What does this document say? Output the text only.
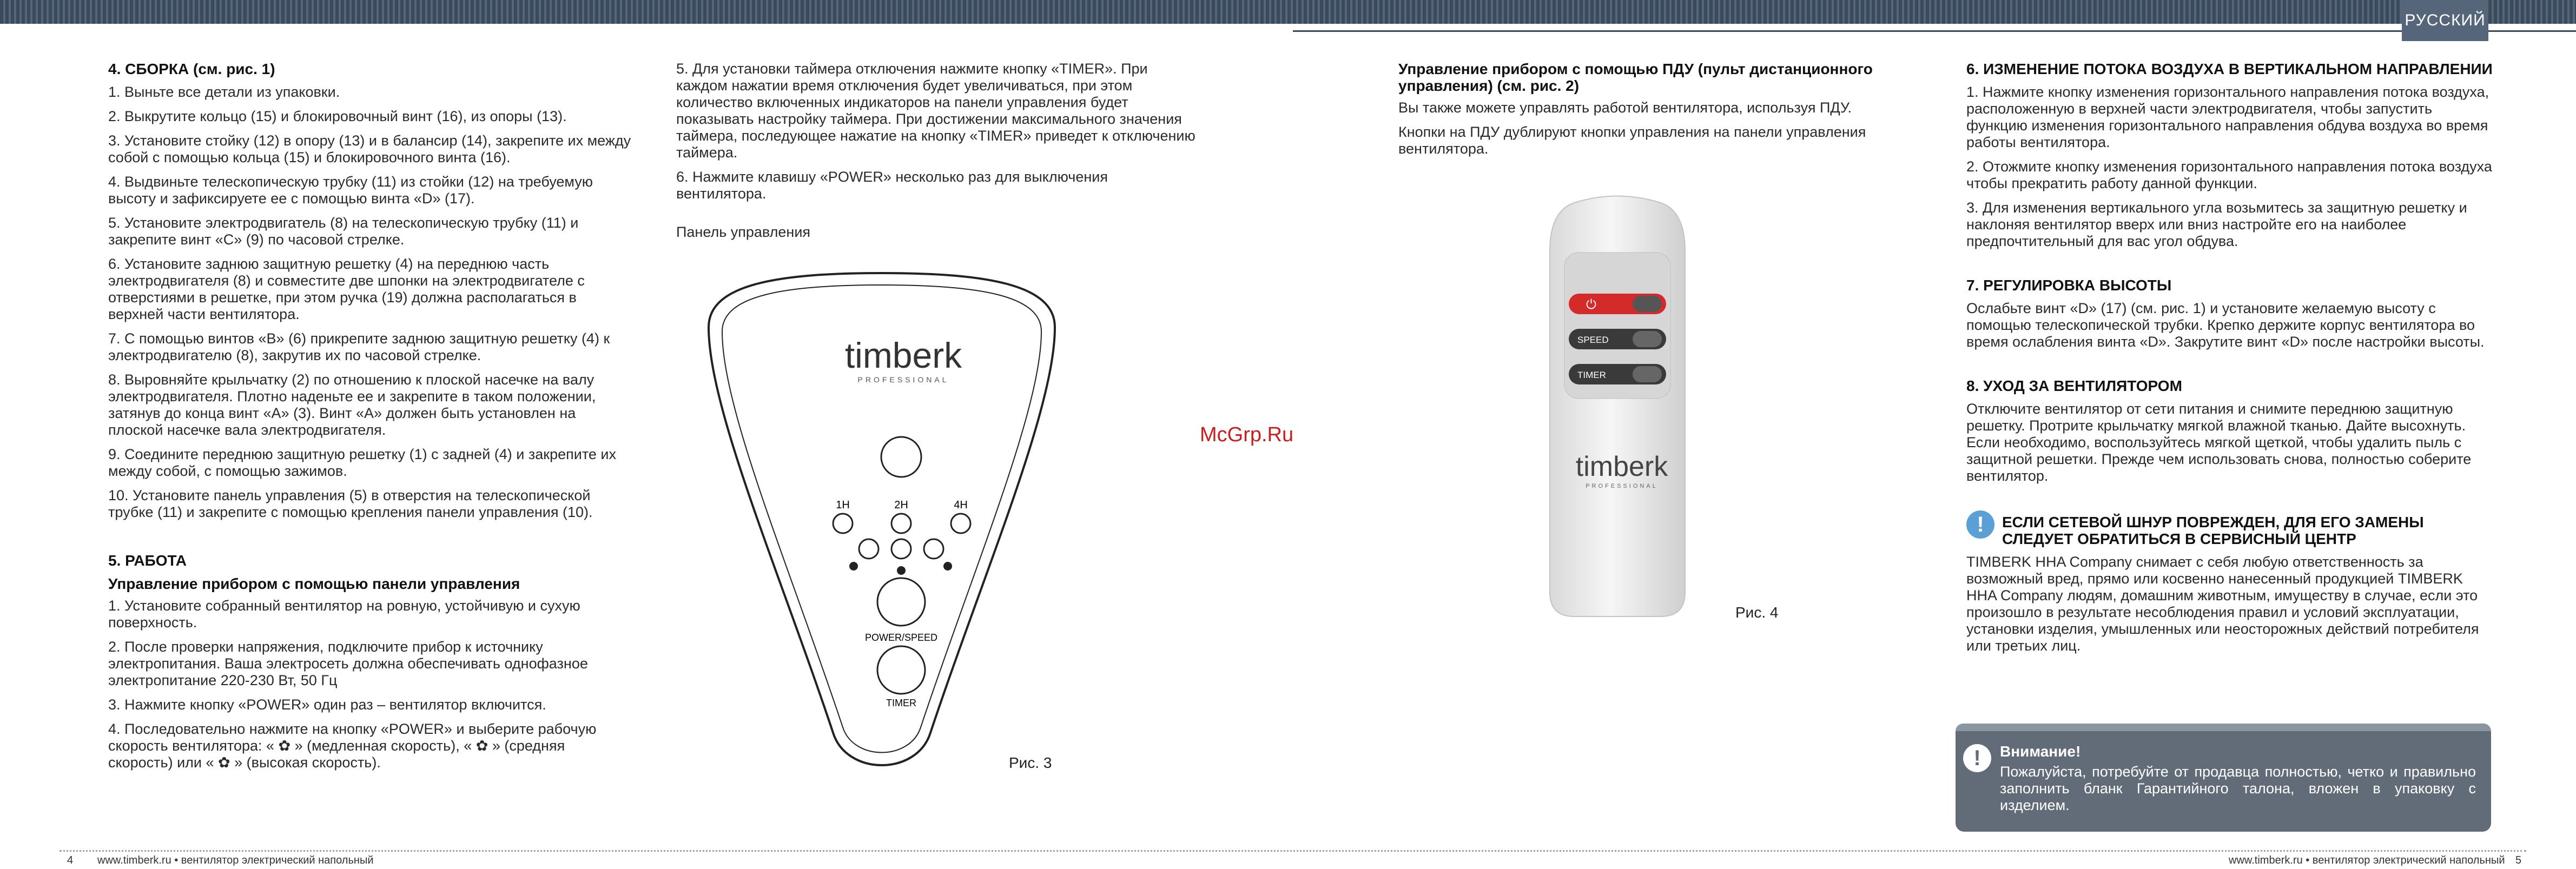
РУССКИЙ
4. СБОРКА (см. рис. 1)

1. Выньте все детали из упаковки.

2. Выкрутите кольцо (15) и блокировочный винт (16), из опоры (13).

3. Установите стойку (12) в опору (13) и в балансир (14), закрепите их между собой с помощью кольца (15) и блокировочного винта (16).

4. Выдвиньте телескопическую трубку (11) из стойки (12) на требуемую высоту и зафиксируете ее с помощью винта «D» (17).

5. Установите электродвигатель (8) на телескопическую трубку (11) и закрепите винт «C» (9) по часовой стрелке.

6. Установите заднюю защитную решетку (4) на переднюю часть электродвигателя (8) и совместите две шпонки на электродвигателе с отверстиями в решетке, при этом ручка (19) должна располагаться в верхней части вентилятора.

7. С помощью винтов «B» (6) прикрепите заднюю защитную решетку (4) к электродвигателю (8), закрутив их по часовой стрелке.

8. Выровняйте крыльчатку (2) по отношению к плоской насечке на валу электродвигателя. Плотно наденьте ее и закрепите в таком положении, затянув до конца винт «A» (3). Винт «A» должен быть установлен на плоской насечке вала электродвигателя.

9. Соедините переднюю защитную решетку (1) с задней (4) и закрепите их между собой, с помощью зажимов.

10. Установите панель управления (5) в отверстия на телескопической трубке (11) и закрепите с помощью крепления панели управления (10).

5. РАБОТА
Управление прибором с помощью панели управления

1. Установите собранный вентилятор на ровную, устойчивую и сухую поверхность.

2. После проверки напряжения, подключите прибор к источнику электропитания. Ваша электросеть должна обеспечивать однофазное электропитание 220-230 Вт, 50 Гц

3. Нажмите кнопку «POWER» один раз – вентилятор включится.

4. Последовательно нажмите на кнопку «POWER» и выберите рабочую скорость вентилятора: « ✿ » (медленная скорость), « ✿ » (средняя скорость) или « ✿ » (высокая скорость).

5. Для установки таймера отключения нажмите кнопку «TIMER». При каждом нажатии время отключения будет увеличиваться, при этом количество включенных индикаторов на панели управления будет показывать настройку таймера. При достижении максимального значения таймера, последующее нажатие на кнопку «TIMER» приведет к отключению таймера.

6. Нажмите клавишу «POWER» несколько раз для выключения вентилятора.

Панель управления

timberk
PROFESSIONAL
1H	2H	4H
POWER/SPEED
TIMER
Рис. 3
Управление прибором с помощью ПДУ (пульт дистанционного управления) (см. рис. 2)

Вы также можете управлять работой вентилятора, используя ПДУ.

Кнопки на ПДУ дублируют кнопки управления на панели управления вентилятора.

⏻
SPEED
TIMER
timberk
PROFESSIONAL
Рис. 4
McGrp.Ru
6. ИЗМЕНЕНИЕ ПОТОКА ВОЗДУХА В ВЕРТИКАЛЬНОМ НАПРАВЛЕНИИ

1. Нажмите кнопку изменения горизонтального направления потока воздуха, расположенную в верхней части электродвигателя, чтобы запустить функцию изменения горизонтального направления обдува воздуха во время работы вентилятора.

2. Отожмите кнопку изменения горизонтального направления потока воздуха чтобы прекратить работу данной функции.

3. Для изменения вертикального угла возьмитесь за защитную решетку и наклоняя вентилятор вверх или вниз настройте его на наиболее предпочтительный для вас угол обдува.

7. РЕГУЛИРОВКА ВЫСОТЫ

Ослабьте винт «D» (17) (см. рис. 1) и установите желаемую высоту с помощью телескопической трубки. Крепко держите корпус вентилятора во время ослабления винта «D». Закрутите винт «D» после настройки высоты.

8. УХОД ЗА ВЕНТИЛЯТОРОМ

Отключите вентилятор от сети питания и снимите переднюю защитную решетку. Протрите крыльчатку мягкой влажной тканью. Дайте высохнуть. Если необходимо, воспользуйтесь мягкой щеткой, чтобы удалить пыль с защитной решетки. Прежде чем использовать снова, полностью соберите вентилятор.

!	ЕСЛИ СЕТЕВОЙ ШНУР ПОВРЕЖДЕН, ДЛЯ ЕГО ЗАМЕНЫ СЛЕДУЕТ ОБРАТИТЬСЯ В СЕРВИСНЫЙ ЦЕНТР

TIMBERK HHA Company снимает с себя любую ответственность за возможный вред, прямо или косвенно нанесенный продукцией TIMBERK HHA Company людям, домашним животным, имуществу в случае, если это произошло в результате несоблюдения правил и условий эксплуатации, установки изделия, умышленных или неосторожных действий потребителя или третьих лиц.

!	Внимание!
Пожалуйста, потребуйте от продавца полностью, четко и правильно заполнить бланк Гарантийного талона, вложен в упаковку с изделием.
4 www.timberk.ru • вентилятор электрический напольный	www.timberk.ru • вентилятор электрический напольный 5
